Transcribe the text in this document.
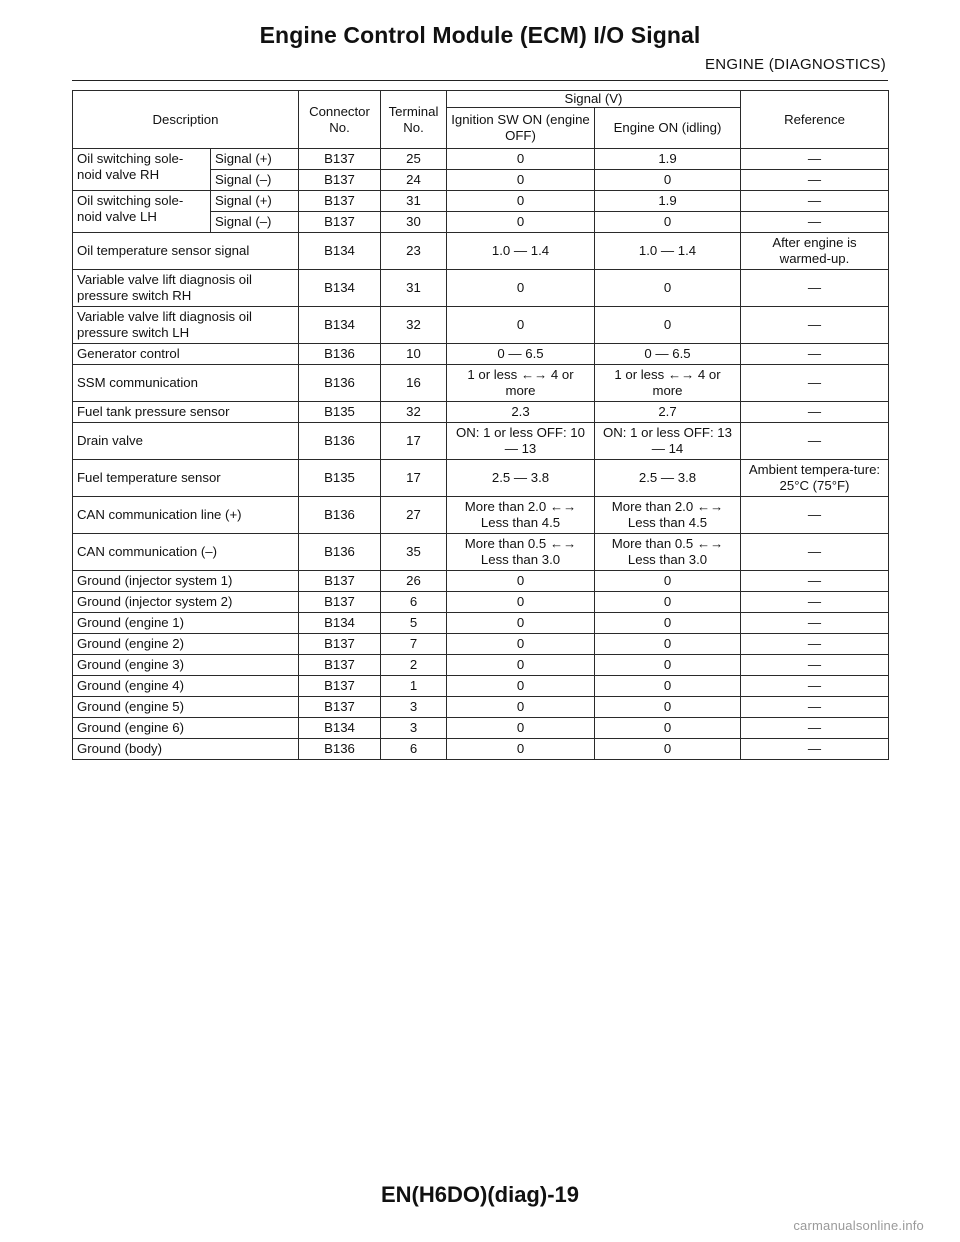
Engine Control Module (ECM) I/O Signal
ENGINE (DIAGNOSTICS)
Description		Connector No.	Terminal No.	Signal (V)		Reference
				Ignition SW ON (engine OFF)	Engine ON (idling)	
Oil switching sole-noid valve RH	Signal (+)	B137	25	0	1.9	—
	Signal (–)	B137	24	0	0	—
Oil switching sole-noid valve LH	Signal (+)	B137	31	0	1.9	—
	Signal (–)	B137	30	0	0	—
Oil temperature sensor signal		B134	23	1.0 — 1.4	1.0 — 1.4	After engine is warmed-up.
Variable valve lift diagnosis oil pressure switch RH		B134	31	0	0	—
Variable valve lift diagnosis oil pressure switch LH		B134	32	0	0	—
Generator control		B136	10	0 — 6.5	0 — 6.5	—
SSM communication		B136	16	1 or less ←→ 4 or more	1 or less ←→ 4 or more	—
Fuel tank pressure sensor		B135	32	2.3	2.7	—
Drain valve		B136	17	ON: 1 or less OFF: 10 — 13	ON: 1 or less OFF: 13 — 14	—
Fuel temperature sensor		B135	17	2.5 — 3.8	2.5 — 3.8	Ambient tempera-ture: 25°C (75°F)
CAN communication line (+)		B136	27	More than 2.0 ←→ Less than 4.5	More than 2.0 ←→ Less than 4.5	—
CAN communication (–)		B136	35	More than 0.5 ←→ Less than 3.0	More than 0.5 ←→ Less than 3.0	—
Ground (injector system 1)		B137	26	0	0	—
Ground (injector system 2)		B137	6	0	0	—
Ground (engine 1)		B134	5	0	0	—
Ground (engine 2)		B137	7	0	0	—
Ground (engine 3)		B137	2	0	0	—
Ground (engine 4)		B137	1	0	0	—
Ground (engine 5)		B137	3	0	0	—
Ground (engine 6)		B134	3	0	0	—
Ground (body)		B136	6	0	0	—
EN(H6DO)(diag)-19
carmanualsonline.info
